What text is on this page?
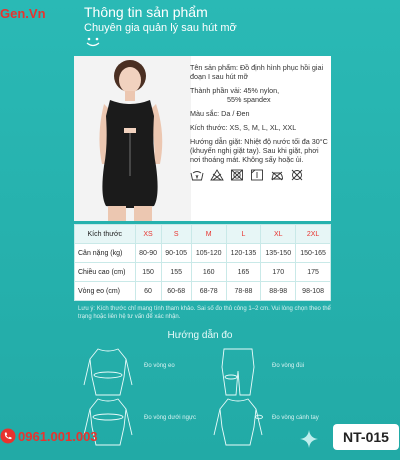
Gen.Vn	Thông tin sản phẩm
Chuyên gia quản lý sau hút mỡ
Tên sản phẩm: Đồ định hình phục hồi giai đoạn I sau hút mỡ
Thành phần vải: 45% nylon,
55% spandex
Màu sắc: Da / Đen
Kích thước: XS, S, M, L, XL, XXL
Hướng dẫn giặt: Nhiệt độ nước tối đa 30°C (khuyến nghị giặt tay). Sau khi giặt, phơi nơi thoáng mát. Không sấy hoặc ủi.
Kích thước	XS	S	M	L	XL	2XL
Cân nặng (kg)	80-90	90-105	105-120	120-135	135-150	150-165
Chiều cao (cm)	150	155	160	165	170	175
Vòng eo (cm)	60	60-68	68-78	78-88	88-98	98-108
Lưu ý: Kích thước chỉ mang tính tham khảo. Sai số đo thủ công 1–2 cm. Vui lòng chọn theo thể trạng hoặc liên hệ tư vấn để xác nhận.
Hướng dẫn đo
Đo vòng eo	Đo vòng đùi
Đo vòng dưới ngực	Đo vòng cánh tay
0961.001.003	NT-015
